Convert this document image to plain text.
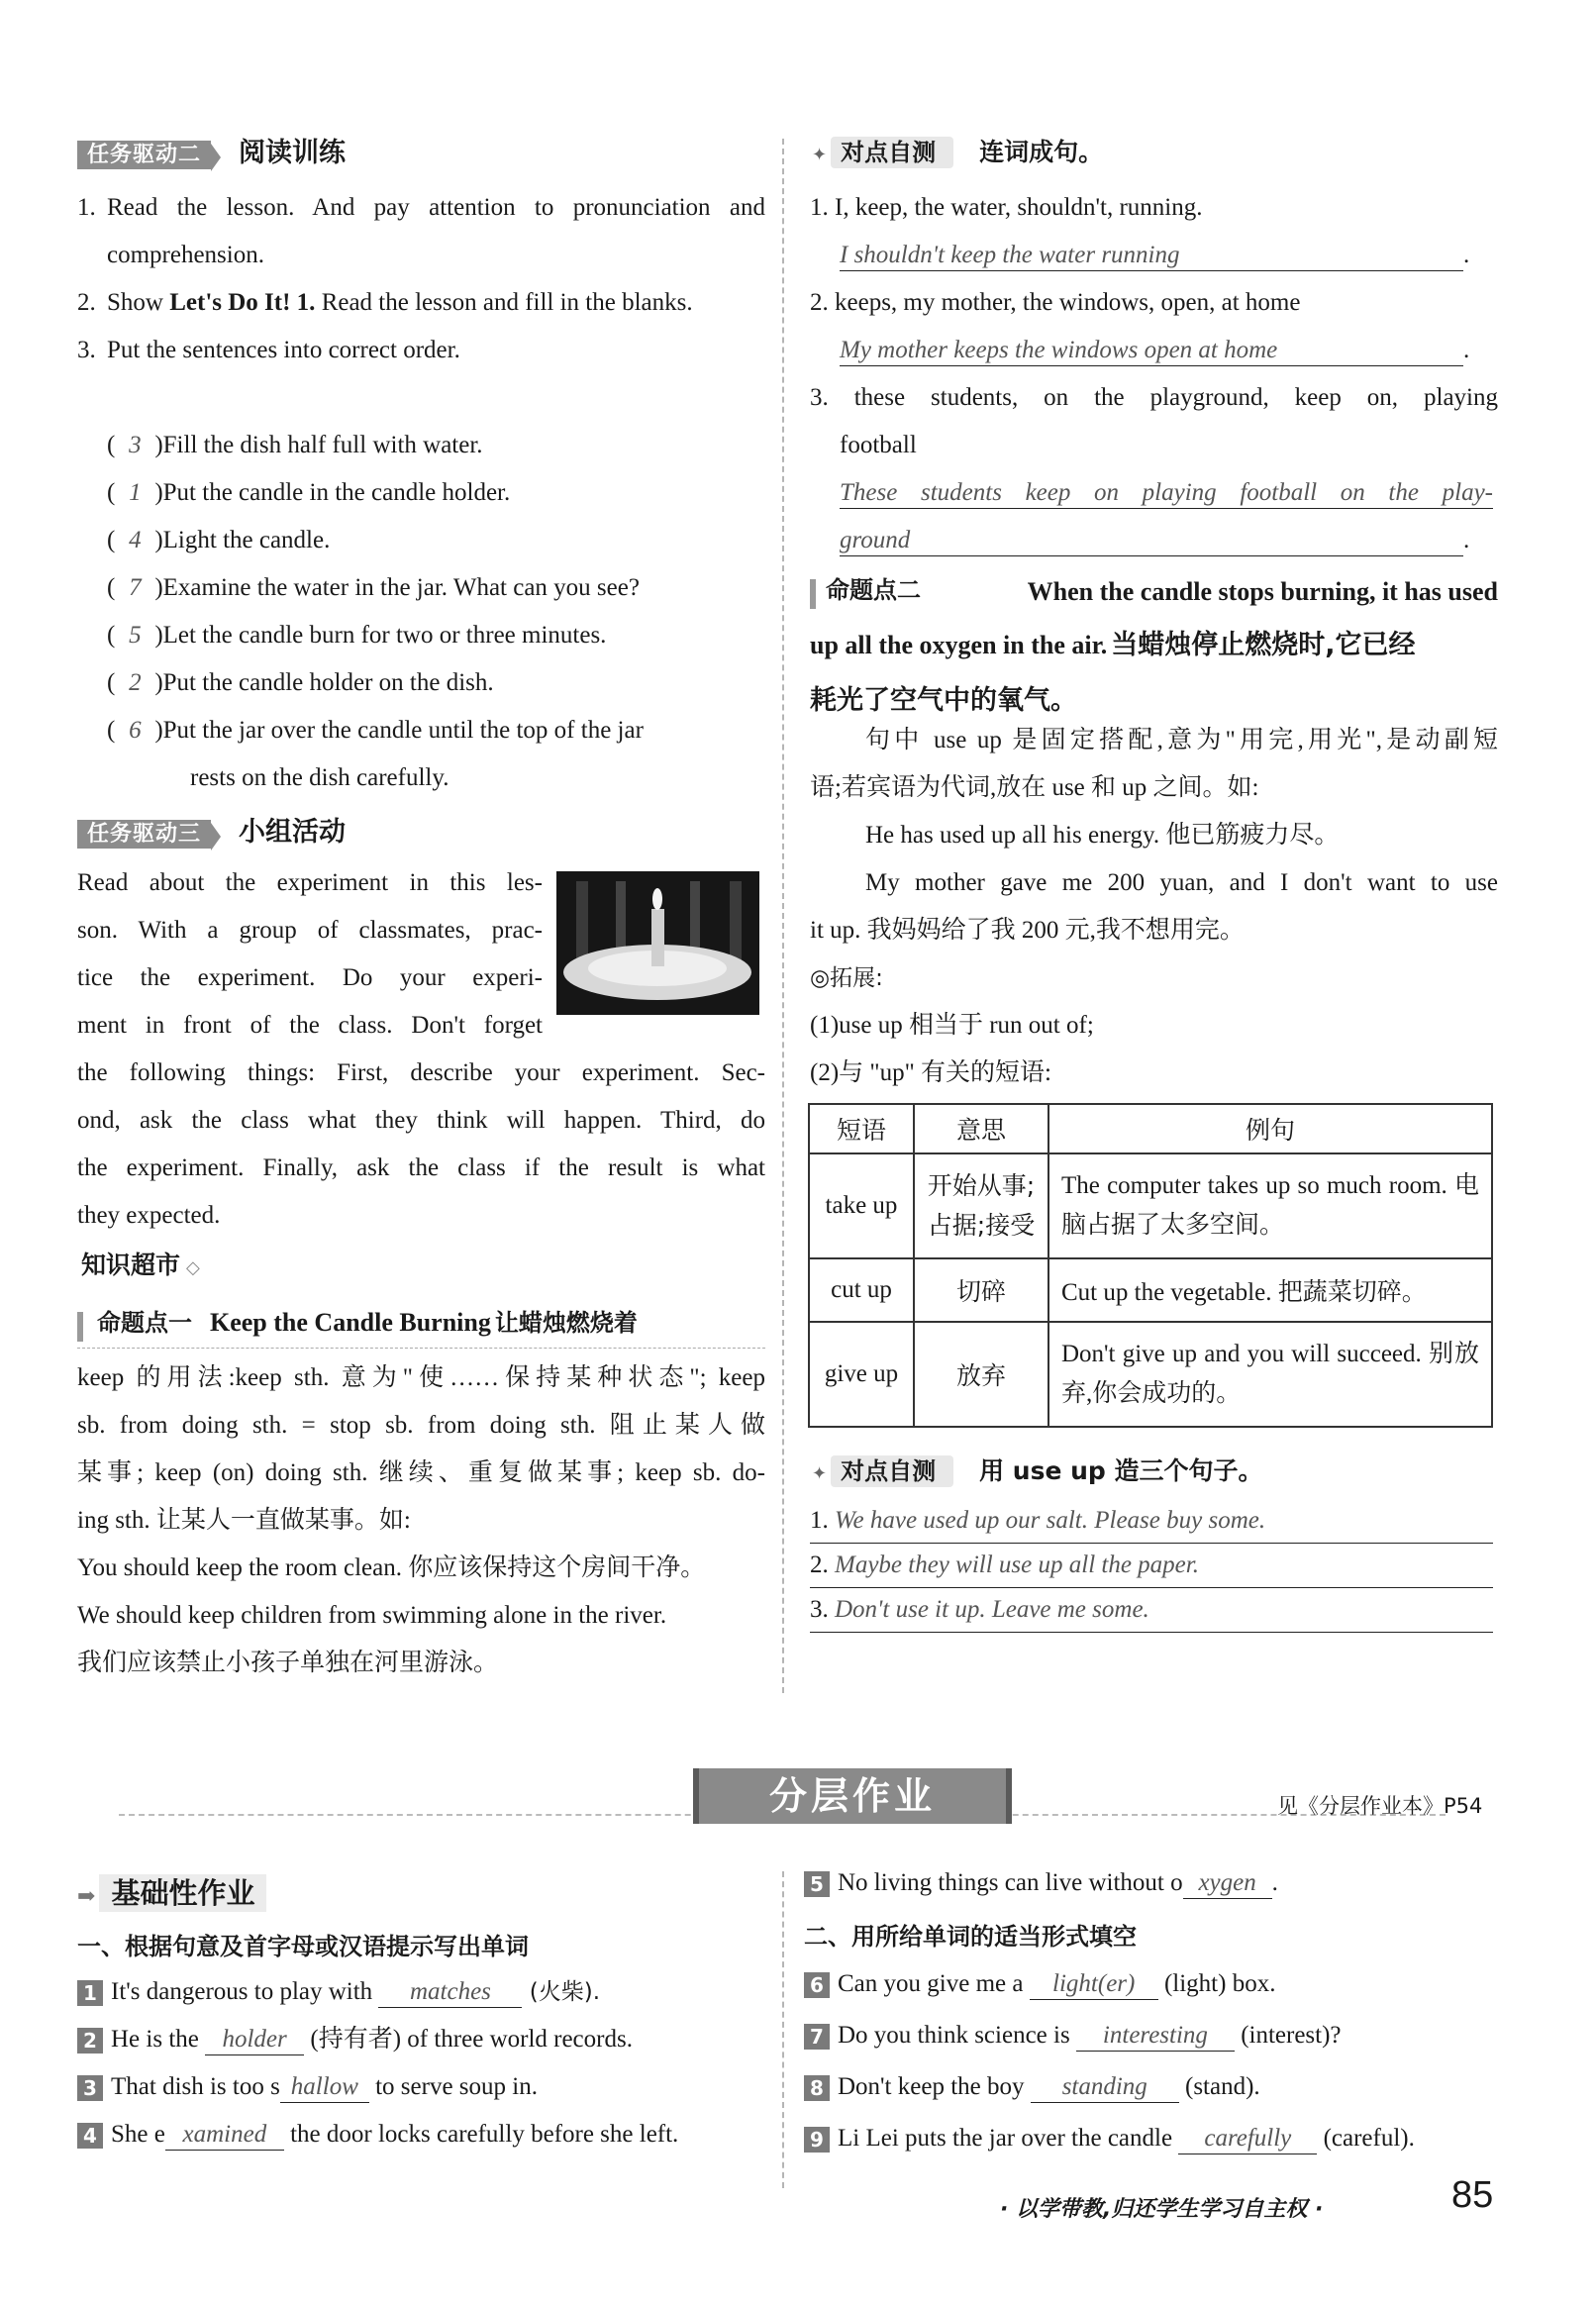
任务驱动二 阅读训练
1. Read the lesson. And pay attention to pronunciation and comprehension.
2. Show Let's Do It! 1. Read the lesson and fill in the blanks.
3. Put the sentences into correct order.
( 3 )Fill the dish half full with water.
( 1 )Put the candle in the candle holder.
( 4 )Light the candle.
( 7 )Examine the water in the jar. What can you see?
( 5 )Let the candle burn for two or three minutes.
( 2 )Put the candle holder on the dish.
( 6 )Put the jar over the candle until the top of the jar
rests on the dish carefully.
任务驱动三 小组活动
Read about the experiment in this les-
son. With a group of classmates, prac-
tice the experiment. Do your experi-
ment in front of the class. Don't forget
the following things: First, describe your experiment. Sec-
ond, ask the class what they think will happen. Third, do
the experiment. Finally, ask the class if the result is what
they expected.
知识超市 ◇
命题点一 Keep the Candle Burning 让蜡烛燃烧着
keep 的用法:keep sth. 意为"使……保持某种状态"; keep
sb. from doing sth. = stop sb. from doing sth. 阻止某人做
某事; keep (on) doing sth. 继续、重复做某事; keep sb. do-
ing sth. 让某人一直做某事。如:
You should keep the room clean. 你应该保持这个房间干净。
We should keep children from swimming alone in the river.
我们应该禁止小孩子单独在河里游泳。
✦ 对点自测 连词成句。
1. I, keep, the water, shouldn't, running.
I shouldn't keep the water running	.
2. keeps, my mother, the windows, open, at home
My mother keeps the windows open at home	.
3. these students, on the playground, keep on, playing
football
These students keep on playing football on the play-
ground	.
命题点二	When the candle stops burning, it has used
up all the oxygen in the air. 当蜡烛停止燃烧时,它已经
耗光了空气中的氧气。
句中 use up 是固定搭配,意为"用完,用光",是动副短
语;若宾语为代词,放在 use 和 up 之间。如:
He has used up all his energy. 他已筋疲力尽。
My mother gave me 200 yuan, and I don't want to use
it up. 我妈妈给了我 200 元,我不想用完。
◎拓展:
(1)use up 相当于 run out of;
(2)与 "up" 有关的短语:
短语	意思	例句
take up	开始从事;占据;接受	The computer takes up so much room. 电脑占据了太多空间。
cut up	切碎	Cut up the vegetable. 把蔬菜切碎。
give up	放弃	Don't give up and you will succeed. 别放弃,你会成功的。
✦ 对点自测 用 use up 造三个句子。
1. We have used up our salt. Please buy some.
2. Maybe they will use up all the paper.
3. Don't use it up. Leave me some.
分层作业	见《分层作业本》P54
➡ 基础性作业
一、根据句意及首字母或汉语提示写出单词
1 It's dangerous to play with matches (火柴).
2 He is the holder (持有者) of three world records.
3 That dish is too s hallow to serve soup in.
4 She e xamined the door locks carefully before she left.
5 No living things can live without o xygen .
二、用所给单词的适当形式填空
6 Can you give me a light(er) (light) box.
7 Do you think science is interesting (interest)?
8 Don't keep the boy standing (stand).
9 Li Lei puts the jar over the candle carefully (careful).
· 以学带教,归还学生学习自主权 ·	85
